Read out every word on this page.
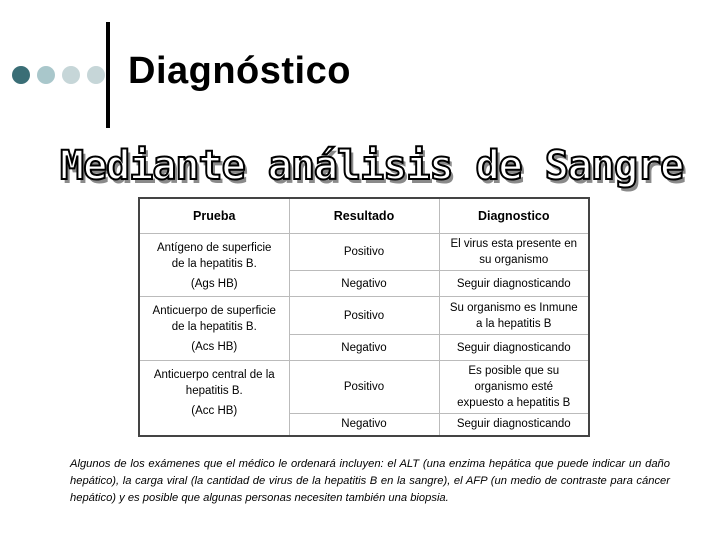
Diagnóstico
Mediante análisis de Sangre
Prueba	Resultado	Diagnostico

Antígeno de superficie
de la hepatitis B.
(Ags HB)	Positivo	El virus esta presente en
su organismo

	Negativo	Seguir diagnosticando

Anticuerpo de superficie
de la hepatitis B.
(Acs HB)	Positivo	Su organismo es Inmune
a la hepatitis B

	Negativo	Seguir diagnosticando

Anticuerpo central de la
hepatitis B.
(Acc HB)	Positivo	Es posible que su
organismo esté
expuesto a hepatitis B

	Negativo	Seguir diagnosticando
Algunos de los exámenes que el médico le ordenará incluyen: el ALT (una enzima hepática que puede indicar un daño hepático), la carga viral (la cantidad de virus de la hepatitis B en la sangre), el AFP (un medio de contraste para cáncer hepático) y es posible que algunas personas necesiten también una biopsia.
